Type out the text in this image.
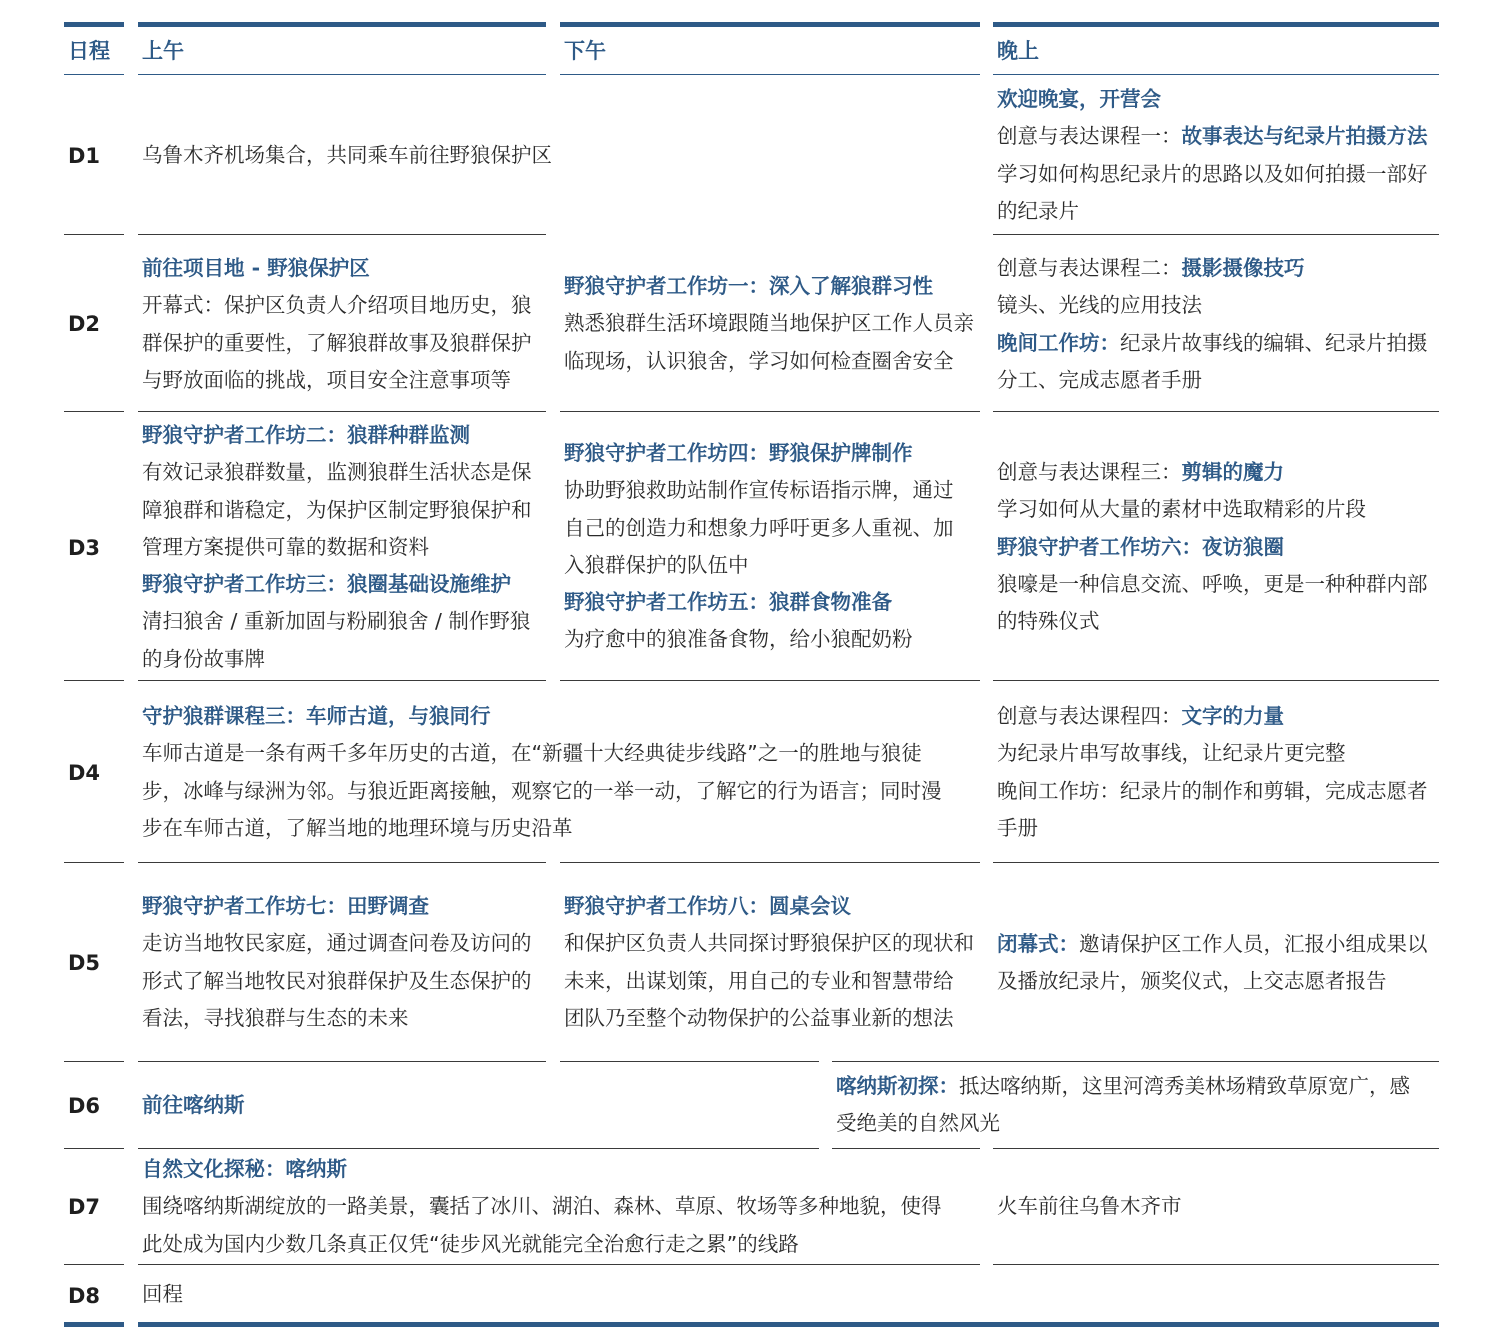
日程 上午	下午	晚上
D1 乌鲁木齐机场集合，共同乘车前往野狼保护区
欢迎晚宴，开营会
创意与表达课程一：故事表达与纪录片拍摄方法
学习如何构思纪录片的思路以及如何拍摄一部好
的纪录片
D2
前往项目地 - 野狼保护区
开幕式：保护区负责人介绍项目地历史，狼
群保护的重要性，了解狼群故事及狼群保护
与野放面临的挑战，项目安全注意事项等
野狼守护者工作坊一：深入了解狼群习性
熟悉狼群生活环境跟随当地保护区工作人员亲
临现场，认识狼舍，学习如何检查圈舍安全
创意与表达课程二：摄影摄像技巧
镜头、光线的应用技法
晚间工作坊：纪录片故事线的编辑、纪录片拍摄
分工、完成志愿者手册
D3
野狼守护者工作坊二：狼群种群监测
有效记录狼群数量，监测狼群生活状态是保
障狼群和谐稳定，为保护区制定野狼保护和
管理方案提供可靠的数据和资料
野狼守护者工作坊三：狼圈基础设施维护
清扫狼舍 / 重新加固与粉刷狼舍 / 制作野狼
的身份故事牌
野狼守护者工作坊四：野狼保护牌制作
协助野狼救助站制作宣传标语指示牌，通过
自己的创造力和想象力呼吁更多人重视、加
入狼群保护的队伍中
野狼守护者工作坊五：狼群食物准备
为疗愈中的狼准备食物，给小狼配奶粉
创意与表达课程三：剪辑的魔力
学习如何从大量的素材中选取精彩的片段
野狼守护者工作坊六：夜访狼圈
狼嚎是一种信息交流、呼唤，更是一种种群内部
的特殊仪式
D4
守护狼群课程三：车师古道，与狼同行
车师古道是一条有两千多年历史的古道，在“新疆十大经典徒步线路”之一的胜地与狼徒
步，冰峰与绿洲为邻。与狼近距离接触，观察它的一举一动，了解它的行为语言；同时漫
步在车师古道，了解当地的地理环境与历史沿革
创意与表达课程四：文字的力量
为纪录片串写故事线，让纪录片更完整
晚间工作坊：纪录片的制作和剪辑，完成志愿者
手册
D5
野狼守护者工作坊七：田野调查
走访当地牧民家庭，通过调查问卷及访问的
形式了解当地牧民对狼群保护及生态保护的
看法，寻找狼群与生态的未来
野狼守护者工作坊八：圆桌会议
和保护区负责人共同探讨野狼保护区的现状和
未来，出谋划策，用自己的专业和智慧带给
团队乃至整个动物保护的公益事业新的想法
闭幕式：邀请保护区工作人员，汇报小组成果以
及播放纪录片，颁奖仪式，上交志愿者报告
D6 前往喀纳斯
喀纳斯初探：抵达喀纳斯，这里河湾秀美林场精致草原宽广，感
受绝美的自然风光
D7
自然文化探秘：喀纳斯
围绕喀纳斯湖绽放的一路美景，囊括了冰川、湖泊、森林、草原、牧场等多种地貌，使得
此处成为国内少数几条真正仅凭“徒步风光就能完全治愈行走之累”的线路
火车前往乌鲁木齐市
D8 回程
